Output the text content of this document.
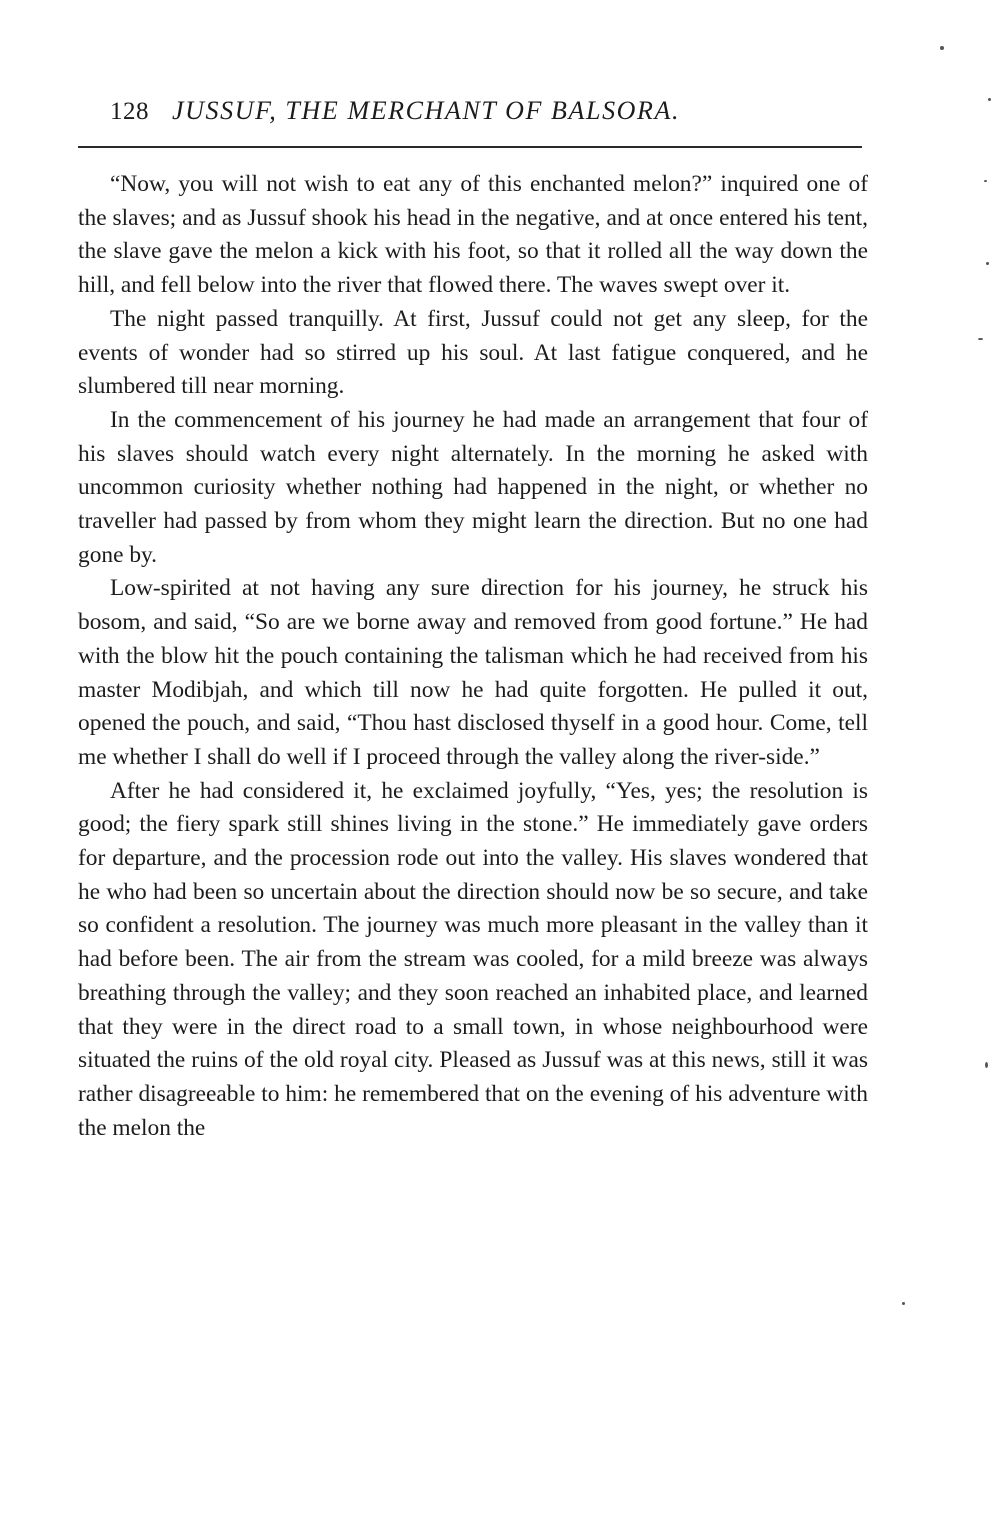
128 JUSSUF, THE MERCHANT OF BALSORA.

“Now, you will not wish to eat any of this enchanted melon?” inquired one of the slaves; and as Jussuf shook his head in the negative, and at once entered his tent, the slave gave the melon a kick with his foot, so that it rolled all the way down the hill, and fell below into the river that flowed there. The waves swept over it.

The night passed tranquilly. At first, Jussuf could not get any sleep, for the events of wonder had so stirred up his soul. At last fatigue conquered, and he slumbered till near morning.

In the commencement of his journey he had made an arrangement that four of his slaves should watch every night alternately. In the morning he asked with uncommon curiosity whether nothing had happened in the night, or whether no traveller had passed by from whom they might learn the direction. But no one had gone by.

Low-spirited at not having any sure direction for his journey, he struck his bosom, and said, “So are we borne away and removed from good fortune.” He had with the blow hit the pouch containing the talisman which he had received from his master Modibjah, and which till now he had quite forgotten. He pulled it out, opened the pouch, and said, “Thou hast disclosed thyself in a good hour. Come, tell me whether I shall do well if I proceed through the valley along the river-side.”

After he had considered it, he exclaimed joyfully, “Yes, yes; the resolution is good; the fiery spark still shines living in the stone.” He immediately gave orders for departure, and the procession rode out into the valley. His slaves wondered that he who had been so uncertain about the direction should now be so secure, and take so confident a resolution. The journey was much more pleasant in the valley than it had before been. The air from the stream was cooled, for a mild breeze was always breathing through the valley; and they soon reached an inhabited place, and learned that they were in the direct road to a small town, in whose neighbourhood were situated the ruins of the old royal city. Pleased as Jussuf was at this news, still it was rather disagreeable to him: he remembered that on the evening of his adventure with the melon the
